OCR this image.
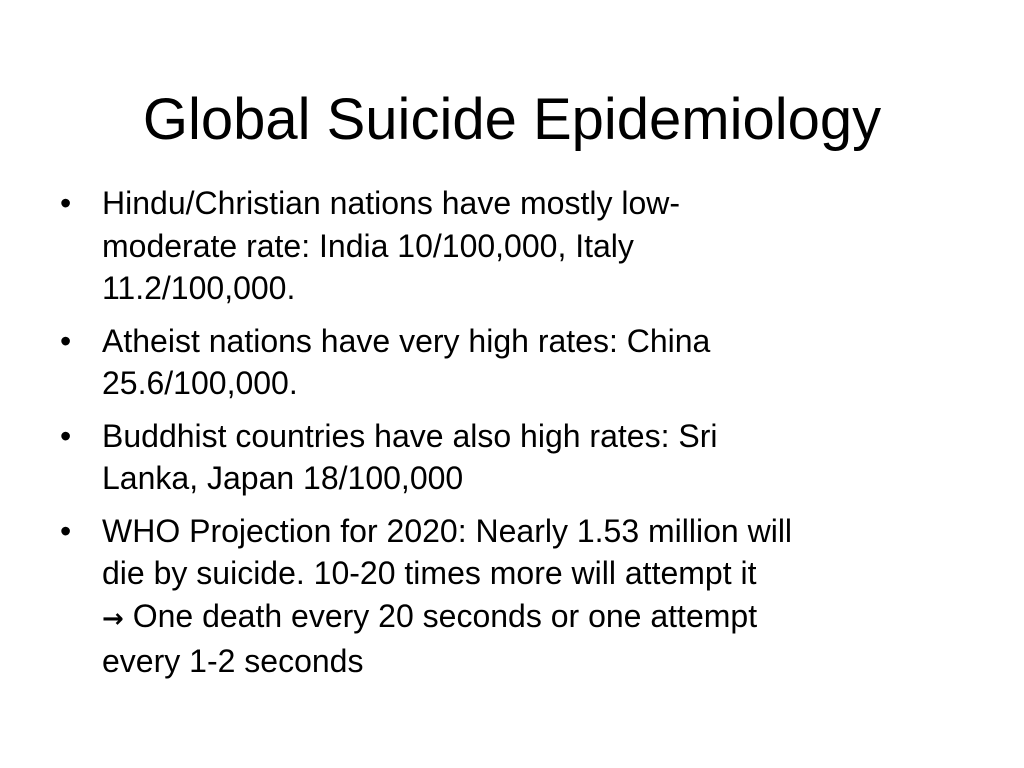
Global Suicide Epidemiology
• Hindu/Christian nations have mostly low-
moderate rate: India 10/100,000, Italy
11.2/100,000.
• Atheist nations have very high rates: China
25.6/100,000.
• Buddhist countries have also high rates: Sri
Lanka, Japan 18/100,000
• WHO Projection for 2020: Nearly 1.53 million will
die by suicide. 10-20 times more will attempt it
→ One death every 20 seconds or one attempt
every 1-2 seconds
